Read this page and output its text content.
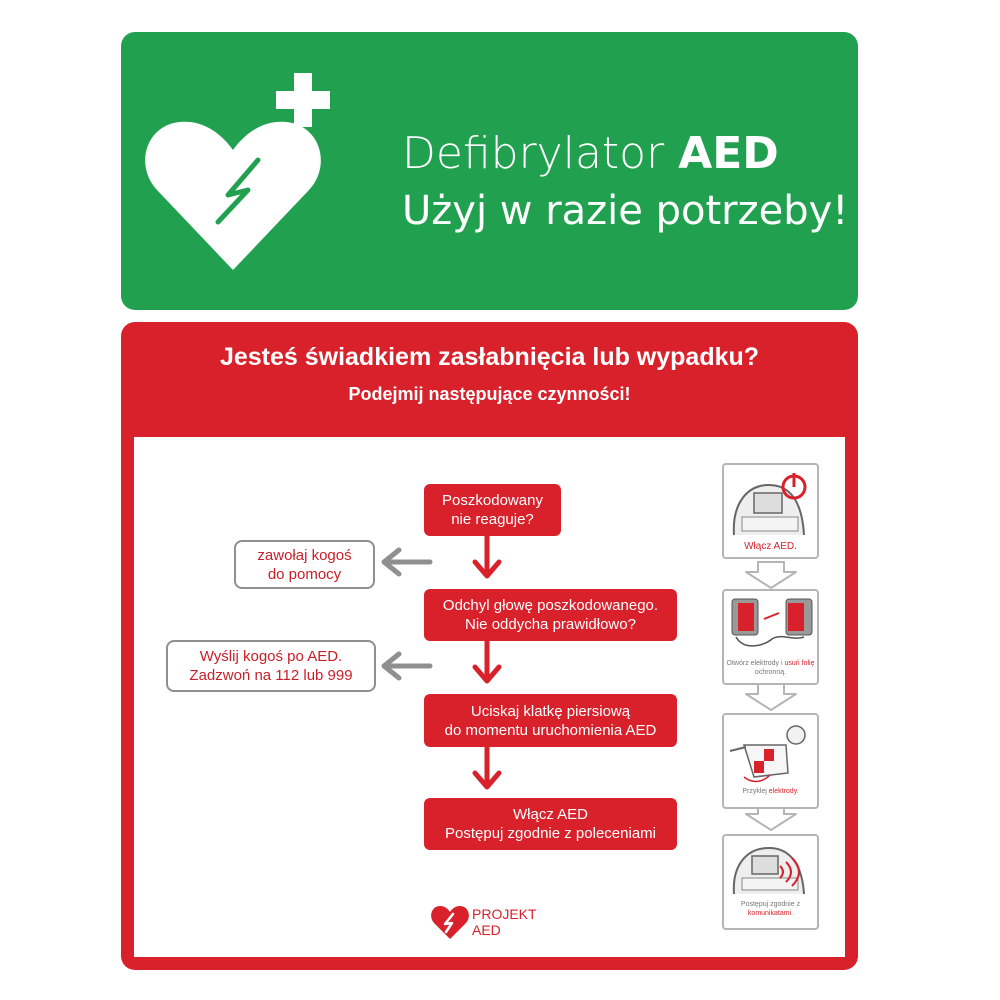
Defibrylator AED
Użyj w razie potrzeby!
Jesteś świadkiem zasłabnięcia lub wypadku?
Podejmij następujące czynności!
Poszkodowany
nie reaguje?
Odchyl głowę poszkodowanego.
Nie oddycha prawidłowo?
Uciskaj klatkę piersiową
do momentu uruchomienia AED
Włącz AED
Postępuj zgodnie z poleceniami
zawołaj kogoś
do pomocy
Wyślij kogoś po AED.
Zadzwoń na 112 lub 999
Włącz AED.
Otwórz elektrody i usuń folię ochronną.
Przyklej elektrody.
Postępuj zgodnie z
komunikatami.
PROJEKT
AED
